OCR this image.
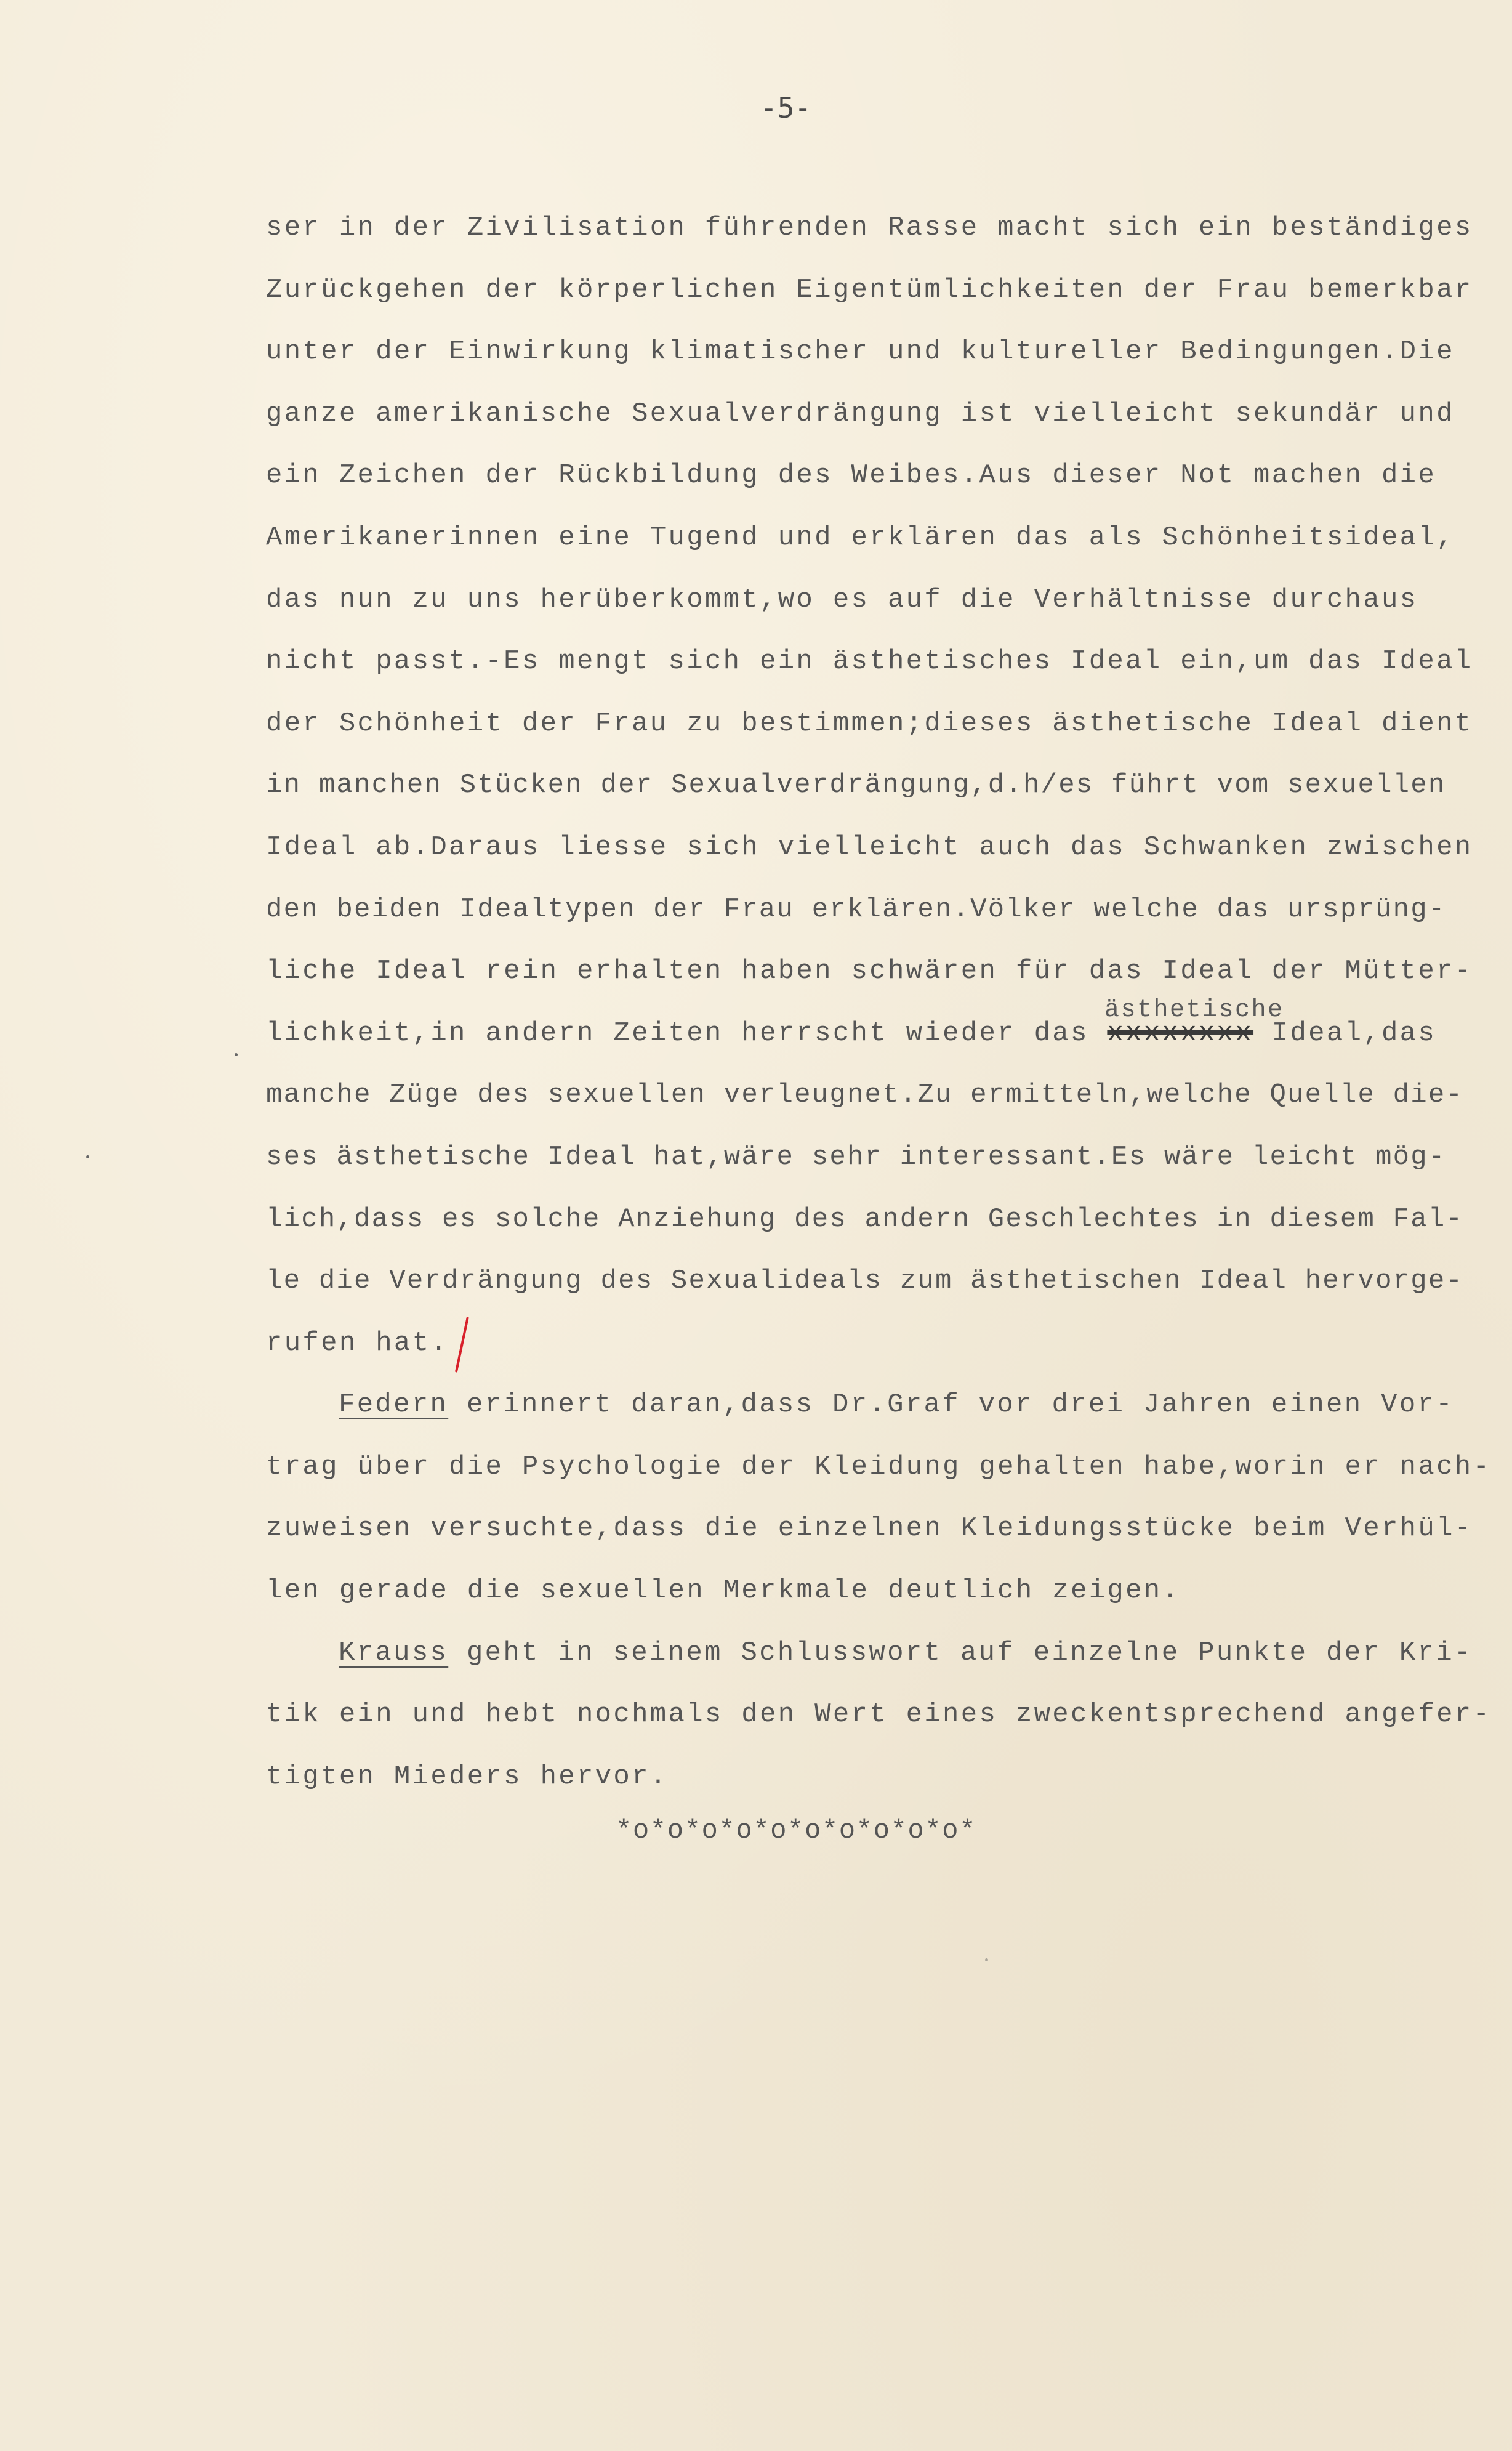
-5-
ser in der Zivilisation führenden Rasse macht sich ein beständiges
Zurückgehen der körperlichen Eigentümlichkeiten der Frau bemerkbar
unter der Einwirkung klimatischer und kultureller Bedingungen.Die
ganze amerikanische Sexualverdrängung ist vielleicht sekundär und
ein Zeichen der Rückbildung des Weibes.Aus dieser Not machen die
Amerikanerinnen eine Tugend und erklären das als Schönheitsideal,
das nun zu uns herüberkommt,wo es auf die Verhältnisse durchaus
nicht passt.-Es mengt sich ein ästhetisches Ideal ein,um das Ideal
der Schönheit der Frau zu bestimmen;dieses ästhetische Ideal dient
in manchen Stücken der Sexualverdrängung,d.h/es führt vom sexuellen
Ideal ab.Daraus liesse sich vielleicht auch das Schwanken zwischen
den beiden Idealtypen der Frau erklären.Völker welche das ursprüng-
liche Ideal rein erhalten haben schwären für das Ideal der Mütter-
ästhetische
lichkeit,in andern Zeiten herrscht wieder das xxxxxxxx Ideal,das
manche Züge des sexuellen verleugnet.Zu ermitteln,welche Quelle die-
ses ästhetische Ideal hat,wäre sehr interessant.Es wäre leicht mög-
lich,dass es solche Anziehung des andern Geschlechtes in diesem Fal-
le die Verdrängung des Sexualideals zum ästhetischen Ideal hervorge-
rufen hat.
Federn erinnert daran,dass Dr.Graf vor drei Jahren einen Vor-
trag über die Psychologie der Kleidung gehalten habe,worin er nach-
zuweisen versuchte,dass die einzelnen Kleidungsstücke beim Verhül-
len gerade die sexuellen Merkmale deutlich zeigen.
Krauss geht in seinem Schlusswort auf einzelne Punkte der Kri-
tik ein und hebt nochmals den Wert eines zweckentsprechend angefer-
tigten Mieders hervor.
*o*o*o*o*o*o*o*o*o*o*
